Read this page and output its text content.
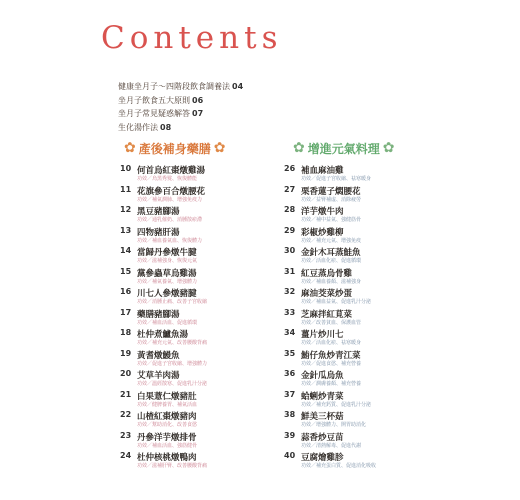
Contents
健康坐月子～四階段飲食調養法 04
坐月子飲食五大原則 06
坐月子常見疑惑解答 07
生化湯作法 08
✿ 產後補身藥膳 ✿	✿ 增進元氣料理 ✿
10 何首烏紅棗燉雞湯
功效／烏黑秀髮、恢復體能
11 花旗參百合燉腰花
功效／補氣潤肺、增強免疫力
12 黑豆豬腳湯
功效／通乳催奶、消腫散瘀滯
13 四物豬肝湯
功效／補血養氣血、恢復體力
14 當歸丹參燉牛腱
功效／滋補強身、恢復元氣
15 黨參蟲草烏雞湯
功效／補氣養氣、增強體力
16 川七人參燉豬腱
功效／消腫止痛、改善子宮收縮
17 藥膳豬腳湯
功效／補血活血、促進循環
18 杜仲煮鱸魚湯
功效／補充元氣、改善腰酸背痛
19 黃耆燉鰻魚
功效／促進子宮收縮、增強體力
20 艾草羊肉湯
功效／溫經散寒、促進乳汁分泌
21 白果薏仁燉豬肚
功效／健脾養胃、補氣活血
22 山楂紅棗燉豬肉
功效／幫助消化、改善食慾
23 丹參洋芋燉排骨
功效／補血活血、強筋健骨
24 杜仲核桃燉鴨肉
功效／滋補肝腎、改善腰酸背痛
26 補血麻油雞
功效／促進子宮收縮、祛寒暖身
27 栗香蓮子燜腰花
功效／益腎補虛、消除疲勞
28 洋芋燉牛肉
功效／補中益氣、強健筋骨
29 彩椒炒雞柳
功效／補充元氣、增強免疫
30 金針木耳蒸鮭魚
功效／活血化瘀、促進循環
31 紅豆蒸烏骨雞
功效／補血養顏、滋補強身
32 麻油茭菜炒蛋
功效／補血益氣、促進乳汁分泌
33 芝麻拌紅莧菜
功效／改善貧血、保護血管
34 薑片炒川七
功效／活血化瘀、祛寒暖身
35 鮪仔魚炒青江菜
功效／促進食慾、補充營養
36 金針瓜烏魚
功效／潤膚養顏、補充營養
37 蛤蜊炒青菜
功效／補充鈣質、促進乳汁分泌
38 鮮美三杯菇
功效／增強體力、開胃助消化
39 蒜香炒豆苗
功效／清熱解毒、促進代謝
40 豆腐燴雞胗
功效／補充蛋白質、促進消化吸收
